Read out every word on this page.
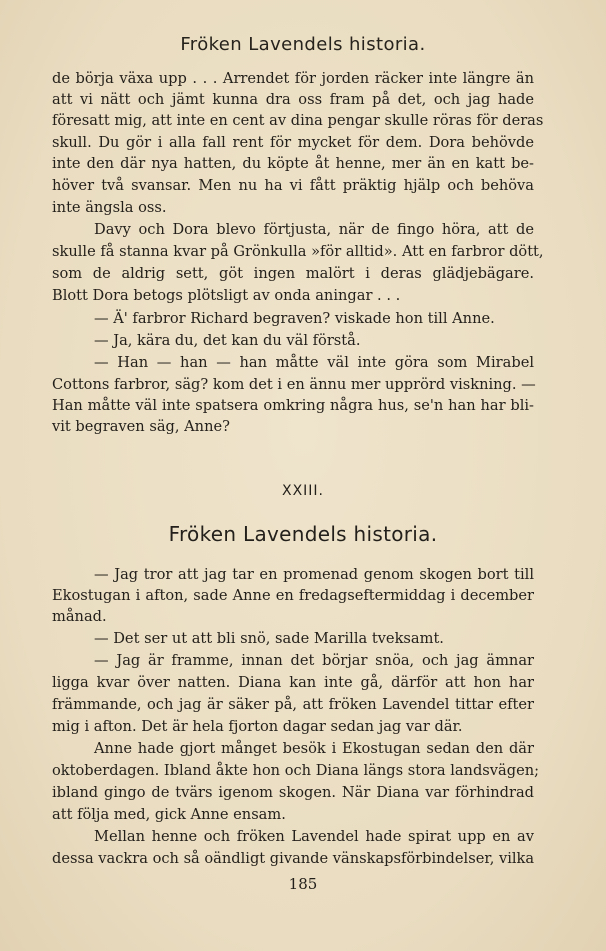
Fröken Lavendels historia.
de börja växa upp . . . Arrendet för jorden räcker inte längre än
att vi nätt och jämt kunna dra oss fram på det, och jag hade
föresatt mig, att inte en cent av dina pengar skulle röras för deras
skull. Du gör i alla fall rent för mycket för dem. Dora behövde
inte den där nya hatten, du köpte åt henne, mer än en katt be-
höver två svansar. Men nu ha vi fått präktig hjälp och behöva
inte ängsla oss.
Davy och Dora blevo förtjusta, när de fingo höra, att de
skulle få stanna kvar på Grönkulla »för alltid». Att en farbror dött,
som de aldrig sett, göt ingen malört i deras glädjebägare.
Blott Dora betogs plötsligt av onda aningar . . .
— Ä' farbror Richard begraven? viskade hon till Anne.
— Ja, kära du, det kan du väl förstå.
— Han — han — han måtte väl inte göra som Mirabel
Cottons farbror, säg? kom det i en ännu mer upprörd viskning. —
Han måtte väl inte spatsera omkring några hus, se'n han har bli-
vit begraven säg, Anne?
XXIII.
Fröken Lavendels historia.
— Jag tror att jag tar en promenad genom skogen bort till
Ekostugan i afton, sade Anne en fredagseftermiddag i december
månad.
— Det ser ut att bli snö, sade Marilla tveksamt.
— Jag är framme, innan det börjar snöa, och jag ämnar
ligga kvar över natten. Diana kan inte gå, därför att hon har
främmande, och jag är säker på, att fröken Lavendel tittar efter
mig i afton. Det är hela fjorton dagar sedan jag var där.
Anne hade gjort månget besök i Ekostugan sedan den där
oktoberdagen. Ibland åkte hon och Diana längs stora landsvägen;
ibland gingo de tvärs igenom skogen. När Diana var förhindrad
att följa med, gick Anne ensam.
Mellan henne och fröken Lavendel hade spirat upp en av
dessa vackra och så oändligt givande vänskapsförbindelser, vilka
185
